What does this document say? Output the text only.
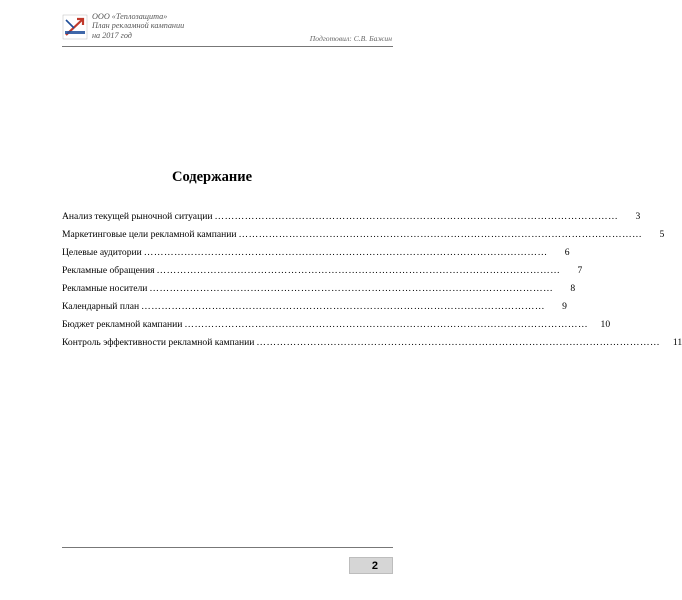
ООО «Теплозащита»
План рекламной кампании
на 2017 год	Подготовил: С.В. Бажин
Содержание
Анализ текущей рыночной ситуации …………………………………………………………………………………………………………	3
Маркетинговые цели рекламной кампании …………………………………………………………………………………………………………	5
Целевые аудитории …………………………………………………………………………………………………………	6
Рекламные обращения …………………………………………………………………………………………………………	7
Рекламные носители …………………………………………………………………………………………………………	8
Календарный план …………………………………………………………………………………………………………	9
Бюджет рекламной кампании …………………………………………………………………………………………………………	10
Контроль эффективности рекламной кампании …………………………………………………………………………………………………………	11
2
